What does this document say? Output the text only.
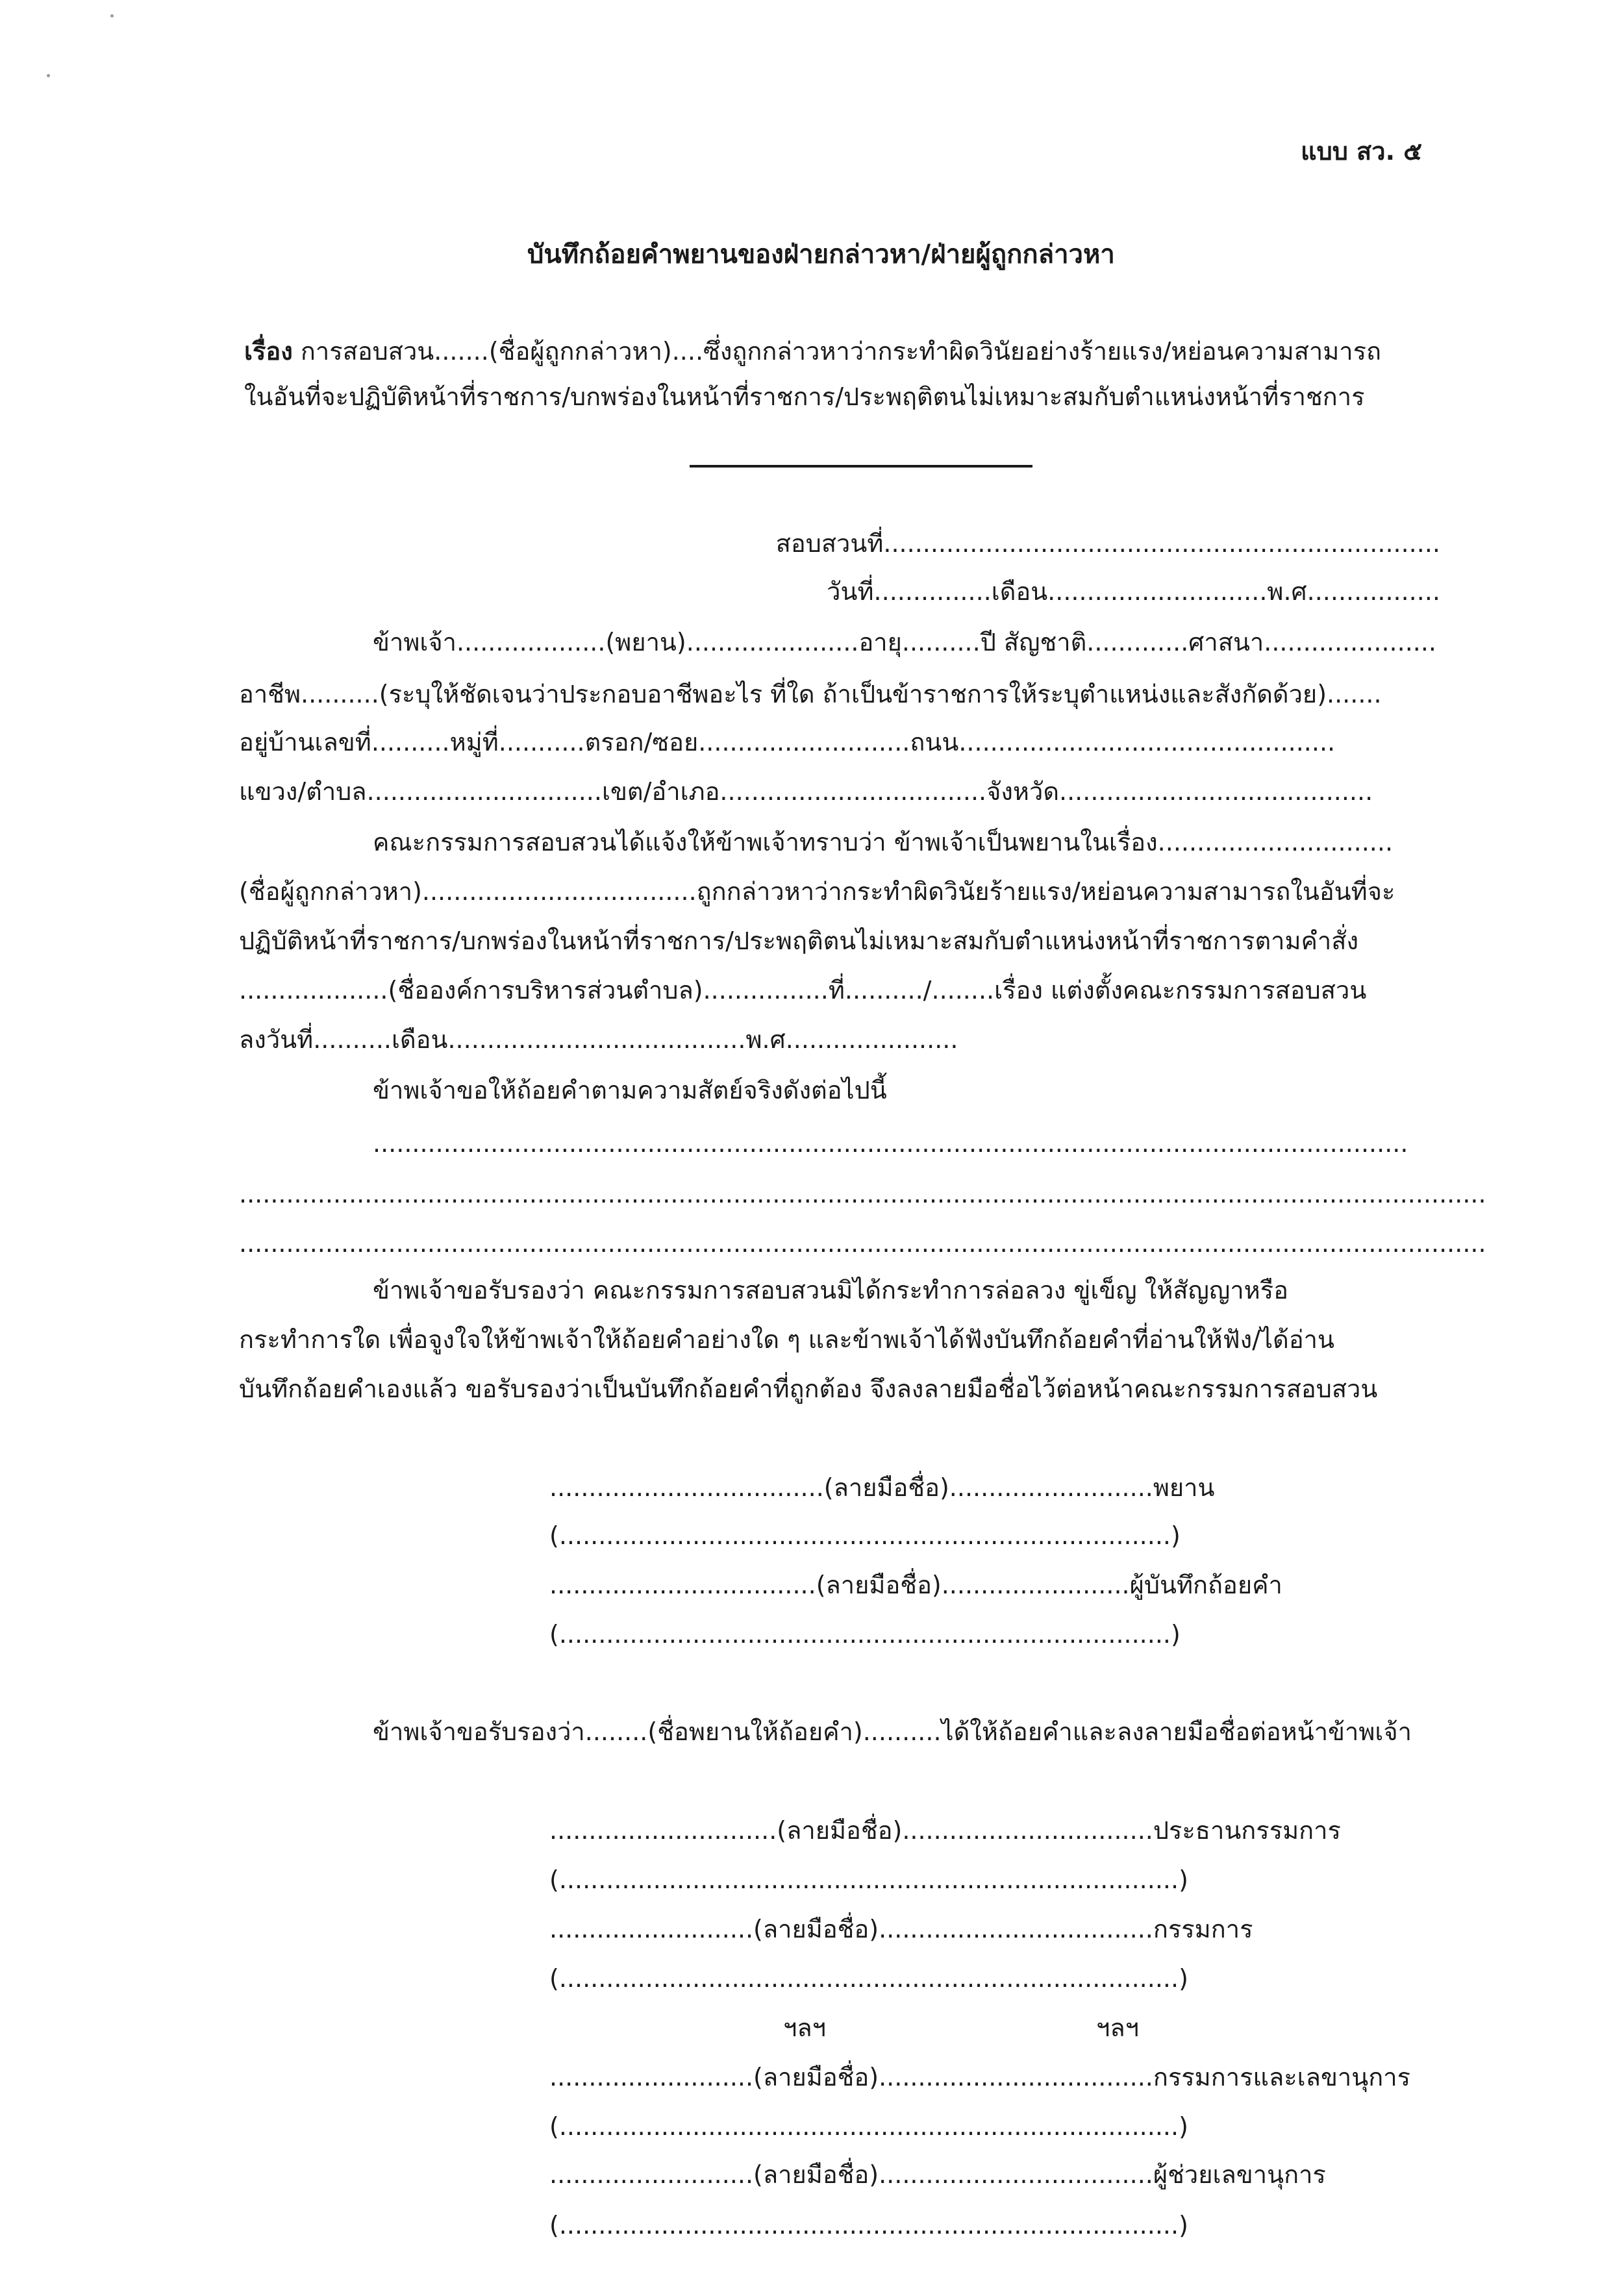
แบบ สว. ๕
บันทึกถ้อยคำพยานของฝ่ายกล่าวหา/ฝ่ายผู้ถูกกล่าวหา
เรื่อง การสอบสวน.......(ชื่อผู้ถูกกล่าวหา)....ซึ่งถูกกล่าวหาว่ากระทำผิดวินัยอย่างร้ายแรง/หย่อนความสามารถ
ในอันที่จะปฏิบัติหน้าที่ราชการ/บกพร่องในหน้าที่ราชการ/ประพฤติตนไม่เหมาะสมกับตำแหน่งหน้าที่ราชการ
สอบสวนที่.......................................................................
วันที่...............เดือน............................พ.ศ.................
ข้าพเจ้า...................(พยาน)......................อายุ..........ปี สัญชาติ.............ศาสนา......................
อาชีพ..........(ระบุให้ชัดเจนว่าประกอบอาชีพอะไร ที่ใด ถ้าเป็นข้าราชการให้ระบุตำแหน่งและสังกัดด้วย).......
อยู่บ้านเลขที่..........หมู่ที่...........ตรอก/ซอย...........................ถนน................................................
แขวง/ตำบล..............................เขต/อำเภอ..................................จังหวัด........................................
คณะกรรมการสอบสวนได้แจ้งให้ข้าพเจ้าทราบว่า ข้าพเจ้าเป็นพยานในเรื่อง..............................
(ชื่อผู้ถูกกล่าวหา)...................................ถูกกล่าวหาว่ากระทำผิดวินัยร้ายแรง/หย่อนความสามารถในอันที่จะ
ปฏิบัติหน้าที่ราชการ/บกพร่องในหน้าที่ราชการ/ประพฤติตนไม่เหมาะสมกับตำแหน่งหน้าที่ราชการตามคำสั่ง
...................(ชื่อองค์การบริหารส่วนตำบล)................ที่........../........เรื่อง แต่งตั้งคณะกรรมการสอบสวน
ลงวันที่..........เดือน......................................พ.ศ......................
ข้าพเจ้าขอให้ถ้อยคำตามความสัตย์จริงดังต่อไปนี้
....................................................................................................................................
...............................................................................................................................................................
...............................................................................................................................................................
ข้าพเจ้าขอรับรองว่า คณะกรรมการสอบสวนมิได้กระทำการล่อลวง ขู่เข็ญ ให้สัญญาหรือ
กระทำการใด เพื่อจูงใจให้ข้าพเจ้าให้ถ้อยคำอย่างใด ๆ และข้าพเจ้าได้ฟังบันทึกถ้อยคำที่อ่านให้ฟัง/ได้อ่าน
บันทึกถ้อยคำเองแล้ว ขอรับรองว่าเป็นบันทึกถ้อยคำที่ถูกต้อง จึงลงลายมือชื่อไว้ต่อหน้าคณะกรรมการสอบสวน
...................................(ลายมือชื่อ)..........................พยาน
(..............................................................................)
..................................(ลายมือชื่อ)........................ผู้บันทึกถ้อยคำ
(..............................................................................)
ข้าพเจ้าขอรับรองว่า........(ชื่อพยานให้ถ้อยคำ)..........ได้ให้ถ้อยคำและลงลายมือชื่อต่อหน้าข้าพเจ้า
.............................(ลายมือชื่อ)................................ประธานกรรมการ
(...............................................................................)
..........................(ลายมือชื่อ)...................................กรรมการ
(...............................................................................)
ฯลฯ	ฯลฯ
..........................(ลายมือชื่อ)...................................กรรมการและเลขานุการ
(...............................................................................)
..........................(ลายมือชื่อ)...................................ผู้ช่วยเลขานุการ
(...............................................................................)
